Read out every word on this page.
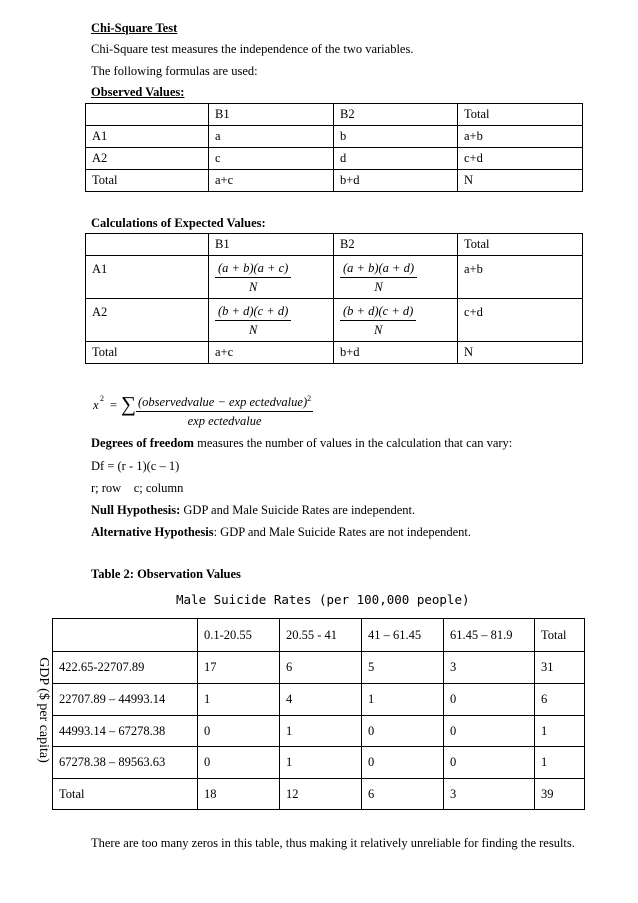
Chi-Square Test
Chi-Square test measures the independence of the two variables.
The following formulas are used:
Observed Values:
	B1	B2	Total
A1	a	b	a+b
A2	c	d	c+d
Total	a+c	b+d	N
Calculations of Expected Values:
	B1	B2	Total
A1	$\frac{(a + b)(a + c)}{N}$	$\frac{(a + b)(a + d)}{N}$	a+b
A2	$\frac{(b + d)(c + d)}{N}$	$\frac{(b + d)(c + d)}{N}$	c+d
Total	a+c	b+d	N
x 2 = ∑ (observedvalue − exp ectedvalue)$^2$
exp ectedvalue
Degrees of freedom measures the number of values in the calculation that can vary:
Df = (r - 1)(c – 1)
r; row    c; column
Null Hypothesis: GDP and Male Suicide Rates are independent.
Alternative Hypothesis: GDP and Male Suicide Rates are not independent.
Table 2: Observation Values
Male Suicide Rates (per 100,000 people)
GDP ($ per capita)
	0.1-20.55	20.55 - 41	41 – 61.45	61.45 – 81.9	Total
422.65-22707.89	17	6	5	3	31
22707.89 – 44993.14	1	4	1	0	6
44993.14 – 67278.38	0	1	0	0	1
67278.38 – 89563.63	0	1	0	0	1
Total	18	12	6	3	39
There are too many zeros in this table, thus making it relatively unreliable for finding the results.
